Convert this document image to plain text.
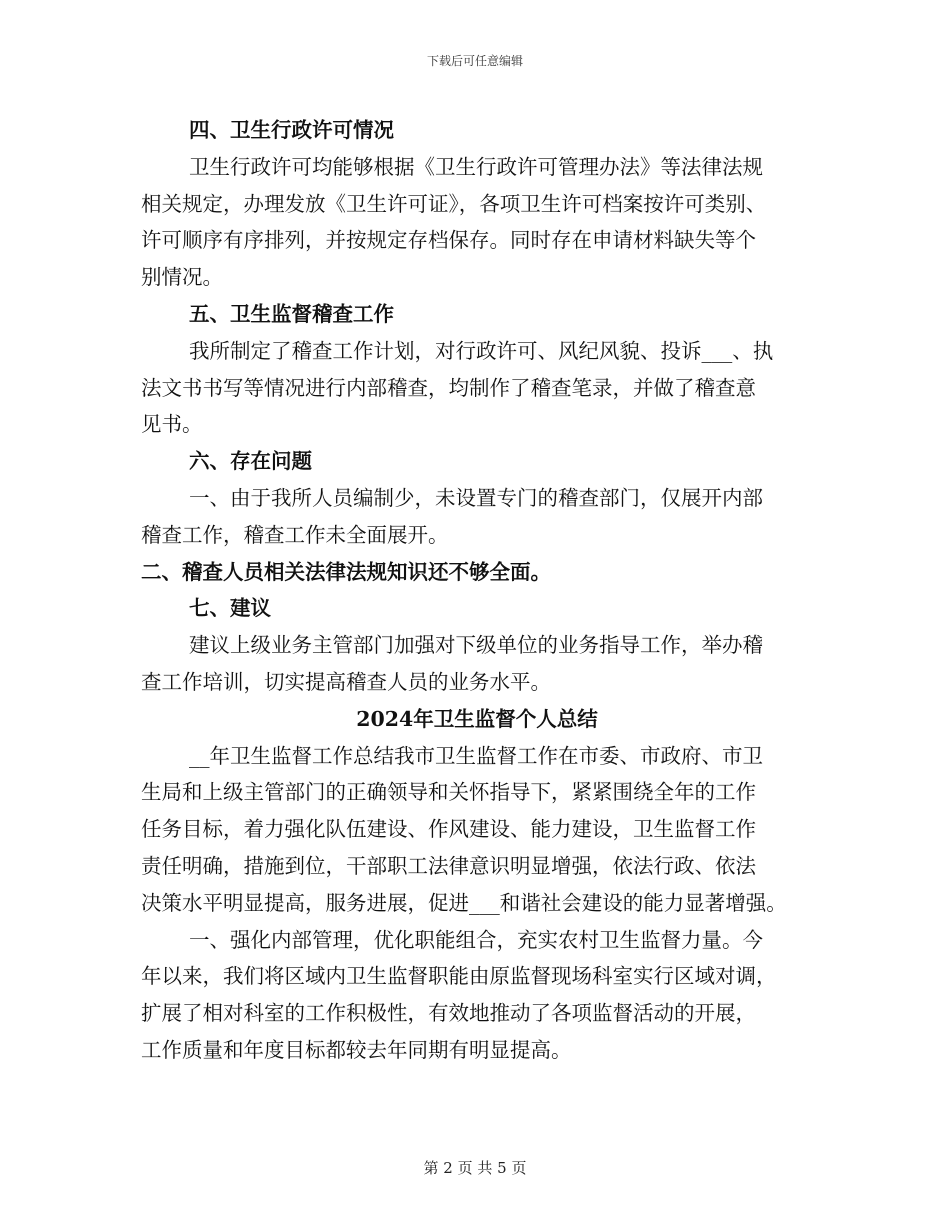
下载后可任意编辑
四、卫生行政许可情况
卫生行政许可均能够根据《卫生行政许可管理办法》等法律法规
相关规定，办理发放《卫生许可证》，各项卫生许可档案按许可类别、
许可顺序有序排列，并按规定存档保存。同时存在申请材料缺失等个
别情况。
五、卫生监督稽查工作
我所制定了稽查工作计划，对行政许可、风纪风貌、投诉___、执
法文书书写等情况进行内部稽查，均制作了稽查笔录，并做了稽查意
见书。
六、存在问题
一、由于我所人员编制少，未设置专门的稽查部门，仅展开内部
稽查工作，稽查工作未全面展开。
二、稽查人员相关法律法规知识还不够全面。
七、建议
建议上级业务主管部门加强对下级单位的业务指导工作，举办稽
查工作培训，切实提高稽查人员的业务水平。
2024年卫生监督个人总结
__年卫生监督工作总结我市卫生监督工作在市委、市政府、市卫
生局和上级主管部门的正确领导和关怀指导下，紧紧围绕全年的工作
任务目标，着力强化队伍建设、作风建设、能力建设，卫生监督工作
责任明确，措施到位，干部职工法律意识明显增强，依法行政、依法
决策水平明显提高，服务进展，促进___和谐社会建设的能力显著增强。
一、强化内部管理，优化职能组合，充实农村卫生监督力量。今
年以来，我们将区域内卫生监督职能由原监督现场科室实行区域对调，
扩展了相对科室的工作积极性，有效地推动了各项监督活动的开展，
工作质量和年度目标都较去年同期有明显提高。
第 2 页 共 5 页
